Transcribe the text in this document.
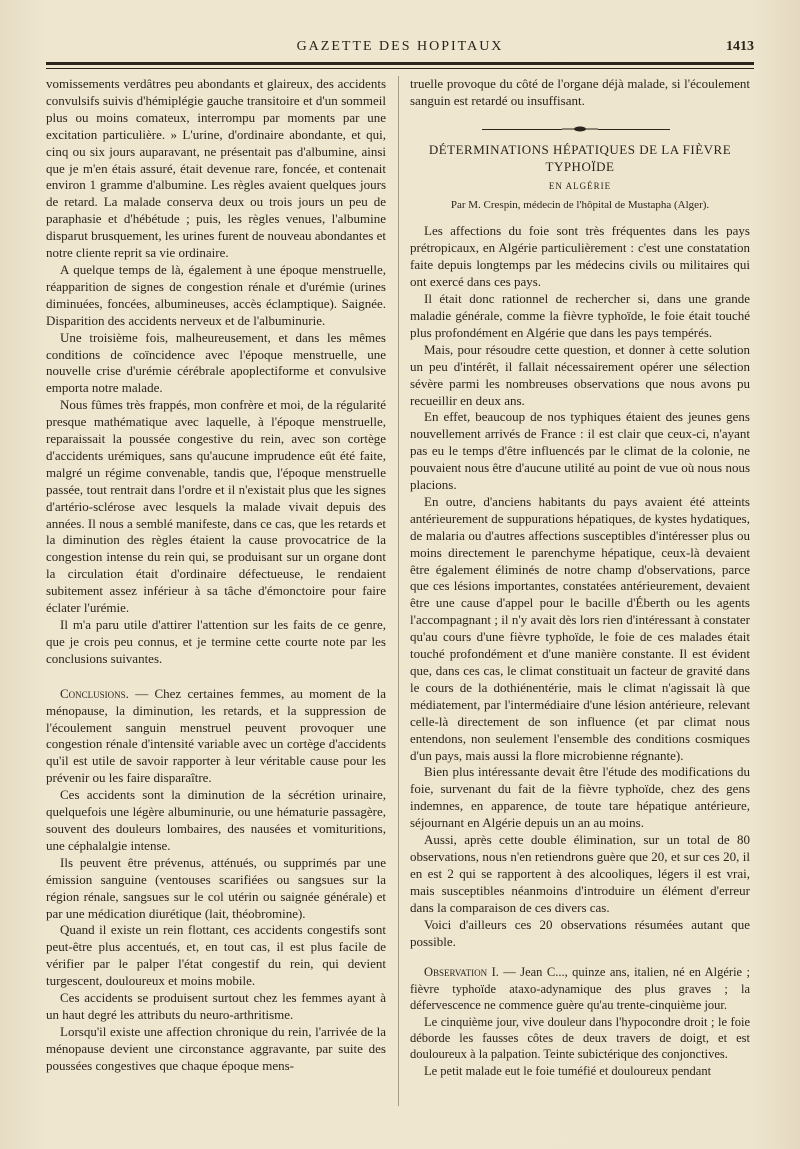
GAZETTE DES HOPITAUX	1413

vomissements verdâtres peu abondants et glaireux, des accidents convulsifs suivis d'hémiplégie gauche transitoire et d'un sommeil plus ou moins comateux, interrompu par moments par une excitation particulière. » L'urine, d'ordinaire abondante, et qui, cinq ou six jours auparavant, ne présentait pas d'albumine, ainsi que je m'en étais assuré, était devenue rare, foncée, et contenait environ 1 gramme d'albumine. Les règles avaient quelques jours de retard. La malade conserva deux ou trois jours un peu de paraphasie et d'hébétude ; puis, les règles venues, l'albumine disparut brusquement, les urines furent de nouveau abondantes et notre cliente reprit sa vie ordinaire.

A quelque temps de là, également à une époque menstruelle, réapparition de signes de congestion rénale et d'urémie (urines diminuées, foncées, albumineuses, accès éclamptique). Saignée. Disparition des accidents nerveux et de l'albuminurie.

Une troisième fois, malheureusement, et dans les mêmes conditions de coïncidence avec l'époque menstruelle, une nouvelle crise d'urémie cérébrale apoplectiforme et convulsive emporta notre malade.

Nous fûmes très frappés, mon confrère et moi, de la régularité presque mathématique avec laquelle, à l'époque menstruelle, reparaissait la poussée congestive du rein, avec son cortège d'accidents urémiques, sans qu'aucune imprudence eût été faite, malgré un régime convenable, tandis que, l'époque menstruelle passée, tout rentrait dans l'ordre et il n'existait plus que les signes d'artério-sclérose avec lesquels la malade vivait depuis des années. Il nous a semblé manifeste, dans ce cas, que les retards et la diminution des règles étaient la cause provocatrice de la congestion intense du rein qui, se produisant sur un organe dont la circulation était d'ordinaire défectueuse, le rendaient subitement assez inférieur à sa tâche d'émonctoire pour faire éclater l'urémie.

Il m'a paru utile d'attirer l'attention sur les faits de ce genre, que je crois peu connus, et je termine cette courte note par les conclusions suivantes.

Conclusions. — Chez certaines femmes, au moment de la ménopause, la diminution, les retards, et la suppression de l'écoulement sanguin menstruel peuvent provoquer une congestion rénale d'intensité variable avec un cortège d'accidents qu'il est utile de savoir rapporter à leur véritable cause pour les prévenir ou les faire disparaître.

Ces accidents sont la diminution de la sécrétion urinaire, quelquefois une légère albuminurie, ou une hématurie passagère, souvent des douleurs lombaires, des nausées et vomituritions, une céphalalgie intense.

Ils peuvent être prévenus, atténués, ou supprimés par une émission sanguine (ventouses scarifiées ou sangsues sur la région rénale, sangsues sur le col utérin ou saignée générale) et par une médication diurétique (lait, théobromine).

Quand il existe un rein flottant, ces accidents congestifs sont peut-être plus accentués, et, en tout cas, il est plus facile de vérifier par le palper l'état congestif du rein, qui devient turgescent, douloureux et moins mobile.

Ces accidents se produisent surtout chez les femmes ayant à un haut degré les attributs du neuro-arthritisme.

Lorsqu'il existe une affection chronique du rein, l'arrivée de la ménopause devient une circonstance aggravante, par suite des poussées congestives que chaque époque mens-

truelle provoque du côté de l'organe déjà malade, si l'écoulement sanguin est retardé ou insuffisant.

DÉTERMINATIONS HÉPATIQUES DE LA FIÈVRE TYPHOÏDE

EN ALGÉRIE

Par M. Crespin, médecin de l'hôpital de Mustapha (Alger).

Les affections du foie sont très fréquentes dans les pays prétropicaux, en Algérie particulièrement : c'est une constatation faite depuis longtemps par les médecins civils ou militaires qui ont exercé dans ces pays.

Il était donc rationnel de rechercher si, dans une grande maladie générale, comme la fièvre typhoïde, le foie était touché plus profondément en Algérie que dans les pays tempérés.

Mais, pour résoudre cette question, et donner à cette solution un peu d'intérêt, il fallait nécessairement opérer une sélection sévère parmi les nombreuses observations que nous avons pu recueillir en deux ans.

En effet, beaucoup de nos typhiques étaient des jeunes gens nouvellement arrivés de France : il est clair que ceux-ci, n'ayant pas eu le temps d'être influencés par le climat de la colonie, ne pouvaient nous être d'aucune utilité au point de vue où nous nous placions.

En outre, d'anciens habitants du pays avaient été atteints antérieurement de suppurations hépatiques, de kystes hydatiques, de malaria ou d'autres affections susceptibles d'intéresser plus ou moins directement le parenchyme hépatique, ceux-là devaient être également éliminés de notre champ d'observations, parce que ces lésions importantes, constatées antérieurement, devaient être une cause d'appel pour le bacille d'Éberth ou les agents l'accompagnant ; il n'y avait dès lors rien d'intéressant à constater qu'au cours d'une fièvre typhoïde, le foie de ces malades était touché profondément et d'une manière constante. Il est évident que, dans ces cas, le climat constituait un facteur de gravité dans le cours de la dothiénentérie, mais le climat n'agissait là que médiatement, par l'intermédiaire d'une lésion antérieure, relevant celle-là directement de son influence (et par climat nous entendons, non seulement l'ensemble des conditions cosmiques d'un pays, mais aussi la flore microbienne régnante).

Bien plus intéressante devait être l'étude des modifications du foie, survenant du fait de la fièvre typhoïde, chez des gens indemnes, en apparence, de toute tare hépatique antérieure, séjournant en Algérie depuis un an au moins.

Aussi, après cette double élimination, sur un total de 80 observations, nous n'en retiendrons guère que 20, et sur ces 20, il en est 2 qui se rapportent à des alcooliques, légers il est vrai, mais susceptibles néanmoins d'introduire un élément d'erreur dans la comparaison de ces divers cas.

Voici d'ailleurs ces 20 observations résumées autant que possible.

Observation I. — Jean C..., quinze ans, italien, né en Algérie ; fièvre typhoïde ataxo-adynamique des plus graves ; la défervescence ne commence guère qu'au trente-cinquième jour.

Le cinquième jour, vive douleur dans l'hypocondre droit ; le foie déborde les fausses côtes de deux travers de doigt, et est douloureux à la palpation. Teinte subictérique des conjonctives.

Le petit malade eut le foie tuméfié et douloureux pendant
